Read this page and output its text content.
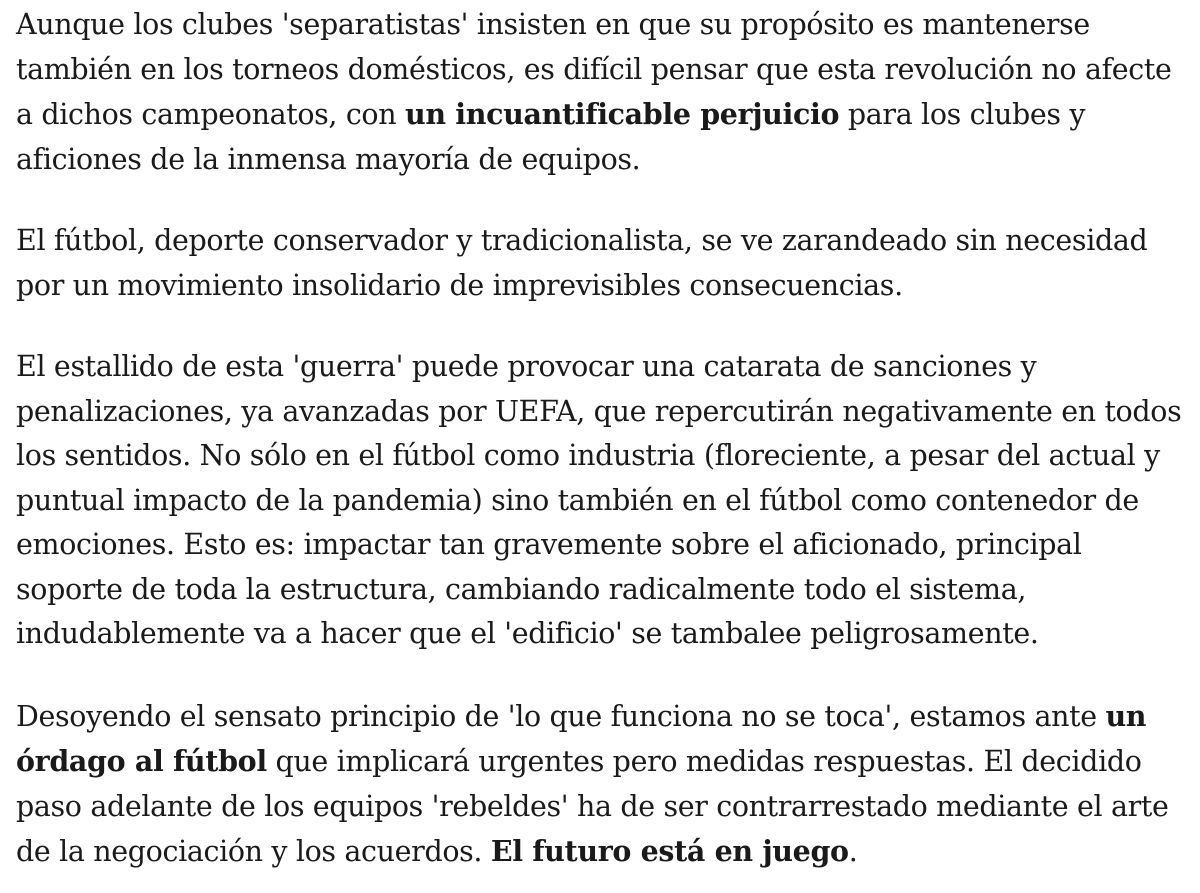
Aunque los clubes 'separatistas' insisten en que su propósito es mantenerse también en los torneos domésticos, es difícil pensar que esta revolución no afecte a dichos campeonatos, con un incuantificable perjuicio para los clubes y aficiones de la inmensa mayoría de equipos.

El fútbol, deporte conservador y tradicionalista, se ve zarandeado sin necesidad por un movimiento insolidario de imprevisibles consecuencias.

El estallido de esta 'guerra' puede provocar una catarata de sanciones y penalizaciones, ya avanzadas por UEFA, que repercutirán negativamente en todos los sentidos. No sólo en el fútbol como industria (floreciente, a pesar del actual y puntual impacto de la pandemia) sino también en el fútbol como contenedor de emociones. Esto es: impactar tan gravemente sobre el aficionado, principal soporte de toda la estructura, cambiando radicalmente todo el sistema, indudablemente va a hacer que el 'edificio' se tambalee peligrosamente.

Desoyendo el sensato principio de 'lo que funciona no se toca', estamos ante un órdago al fútbol que implicará urgentes pero medidas respuestas. El decidido paso adelante de los equipos 'rebeldes' ha de ser contrarrestado mediante el arte de la negociación y los acuerdos. El futuro está en juego.
